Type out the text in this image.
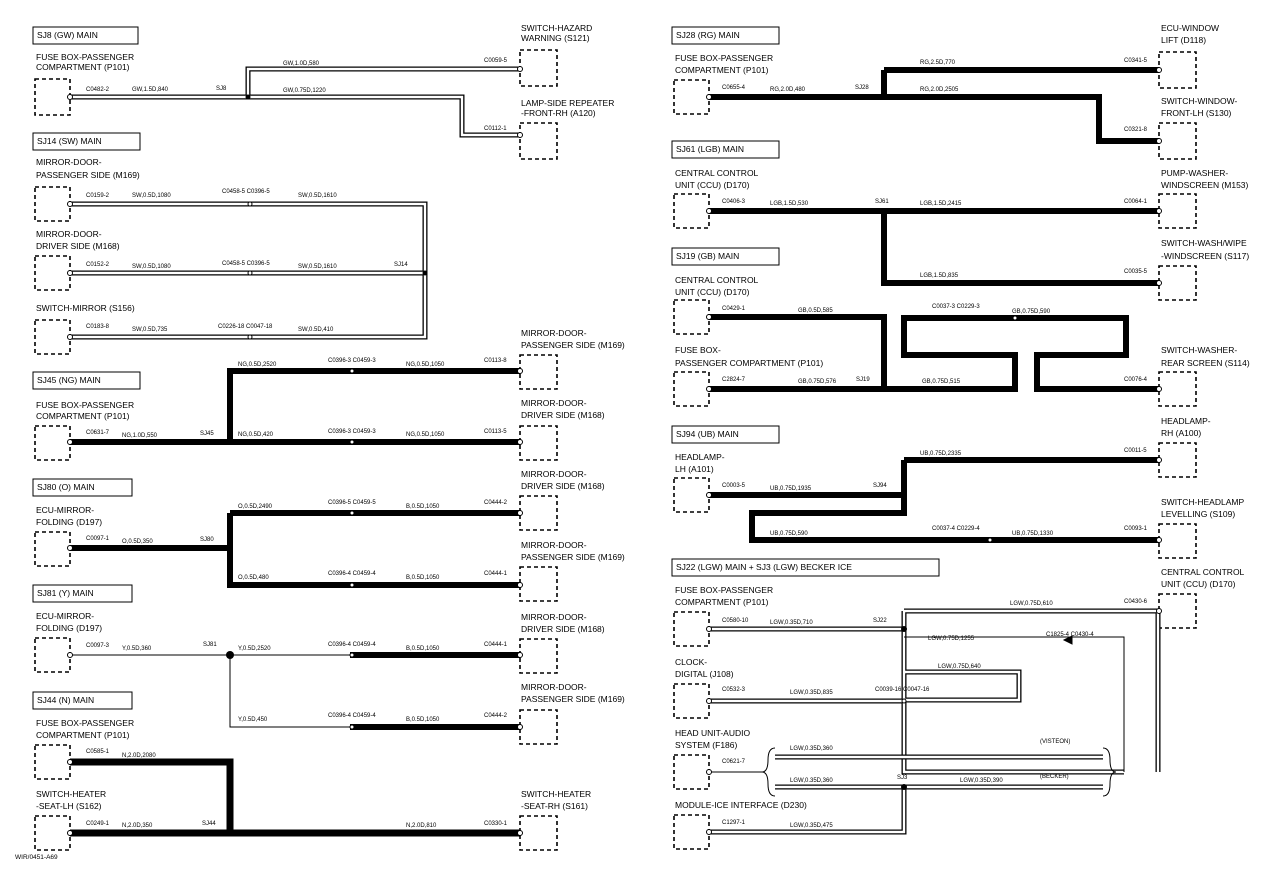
SJ8 (GW) MAIN
FUSE BOX-PASSENGER
COMPARTMENT (P101)
SWITCH-HAZARD
WARNING (S121)
LAMP-SIDE REPEATER
-FRONT-RH (A120)
C0482-2	GW,1.5D,840	SJ8
GW,1.0D,580
GW,0.75D,1220
C0059-5
C0112-1
SJ14 (SW) MAIN
MIRROR-DOOR-
PASSENGER SIDE (M169)
MIRROR-DOOR-
DRIVER SIDE (M168)
SWITCH-MIRROR (S156)
C0159-2	SW,0.5D,1080
C0458-5 C0396-5
SW,0.5D,1610
C0152-2	SW,0.5D,1080	C0458-5 C0396-5	SW,0.5D,1610	SJ14
C0183-8	SW,0.5D,735	C0226-18 C0047-18	SW,0.5D,410
SJ45 (NG) MAIN
FUSE BOX-PASSENGER
COMPARTMENT (P101)
MIRROR-DOOR-
PASSENGER SIDE (M169)
MIRROR-DOOR-
DRIVER SIDE (M168)
C0631-7 NG,1.0D,550	SJ45
NG,0.5D,2520
C0396-3 C0459-3
NG,0.5D,1050
C0113-8
NG,0.5D,420	C0396-3 C0459-3	NG,0.5D,1050	C0113-5
SJ80 (O) MAIN
ECU-MIRROR-
FOLDING (D197)
MIRROR-DOOR-
DRIVER SIDE (M168)
MIRROR-DOOR-
PASSENGER SIDE (M169)
C0097-1 O,0.5D,350	SJ80
O,0.5D,2490
C0396-5 C0459-5
B,0.5D,1050
C0444-2
O,0.5D,480
C0396-4 C0459-4
B,0.5D,1050
C0444-1
SJ81 (Y) MAIN
ECU-MIRROR-
FOLDING (D197)
MIRROR-DOOR-
DRIVER SIDE (M168)
MIRROR-DOOR-
PASSENGER SIDE (M169)
C0097-3 Y,0.5D,360
SJ81
Y,0.5D,2520
C0396-4 C0459-4
B,0.5D,1050
C0444-1
Y,0.5D,450
C0396-4 C0459-4
B,0.5D,1050
C0444-2
SJ44 (N) MAIN
FUSE BOX-PASSENGER
COMPARTMENT (P101)
SWITCH-HEATER
-SEAT-LH (S162)
SWITCH-HEATER
-SEAT-RH (S161)
C0585-1
N,2.0D,2080
C0249-1 N,2.0D,350	SJ44	N,2.0D,810	C0330-1
WIR/0451-A69
SJ28 (RG) MAIN
FUSE BOX-PASSENGER
COMPARTMENT (P101)
ECU-WINDOW
LIFT (D118)
SWITCH-WINDOW-
FRONT-LH (S130)
C0655-4	RG,2.0D,480	SJ28
RG,2.5D,770	C0341-5
RG,2.0D,2505
C0321-8
SJ61 (LGB) MAIN
CENTRAL CONTROL
UNIT (CCU) (D170)
PUMP-WASHER-
WINDSCREEN (M153)
SWITCH-WASH/WIPE
-WINDSCREEN (S117)
C0406-3	LGB,1.5D,530	SJ61	LGB,1.5D,2415	C0064-1
LGB,1.5D,835
C0035-5
SJ19 (GB) MAIN
CENTRAL CONTROL
UNIT (CCU) (D170)
FUSE BOX-
PASSENGER COMPARTMENT (P101)
SWITCH-WASHER-
REAR SCREEN (S114)
C0429-1	GB,0.5D,585
C0037-3 C0229-3
GB,0.75D,590
C2824-7	GB,0.75D,576	SJ19	GB,0.75D,515	C0076-4
SJ94 (UB) MAIN
HEADLAMP-
LH (A101)
HEADLAMP-
RH (A100)
SWITCH-HEADLAMP
LEVELLING (S109)
C0003-5	UB,0.75D,1935	SJ94
UB,0.75D,2335	C0011-5
UB,0.75D,590
C0037-4 C0229-4
UB,0.75D,1330
C0093-1
SJ22 (LGW) MAIN + SJ3 (LGW) BECKER ICE
FUSE BOX-PASSENGER
COMPARTMENT (P101)
CENTRAL CONTROL
UNIT (CCU) (D170)
CLOCK-
DIGITAL (J108)
HEAD UNIT-AUDIO
SYSTEM (F186)
MODULE-ICE INTERFACE (D230)
C0580-10	LGW,0.35D,710	SJ22
LGW,0.75D,610	C0430-6
LGW,0.75D,1255
C1825-4 C0430-4
LGW,0.75D,640
C0532-3	LGW,0.35D,835	C0039-16 C0047-16
(VISTEON)
(BECKER)
C0621-7
LGW,0.35D,360
LGW,0.35D,360	SJ3	LGW,0.35D,390
C1297-1	LGW,0.35D,475
